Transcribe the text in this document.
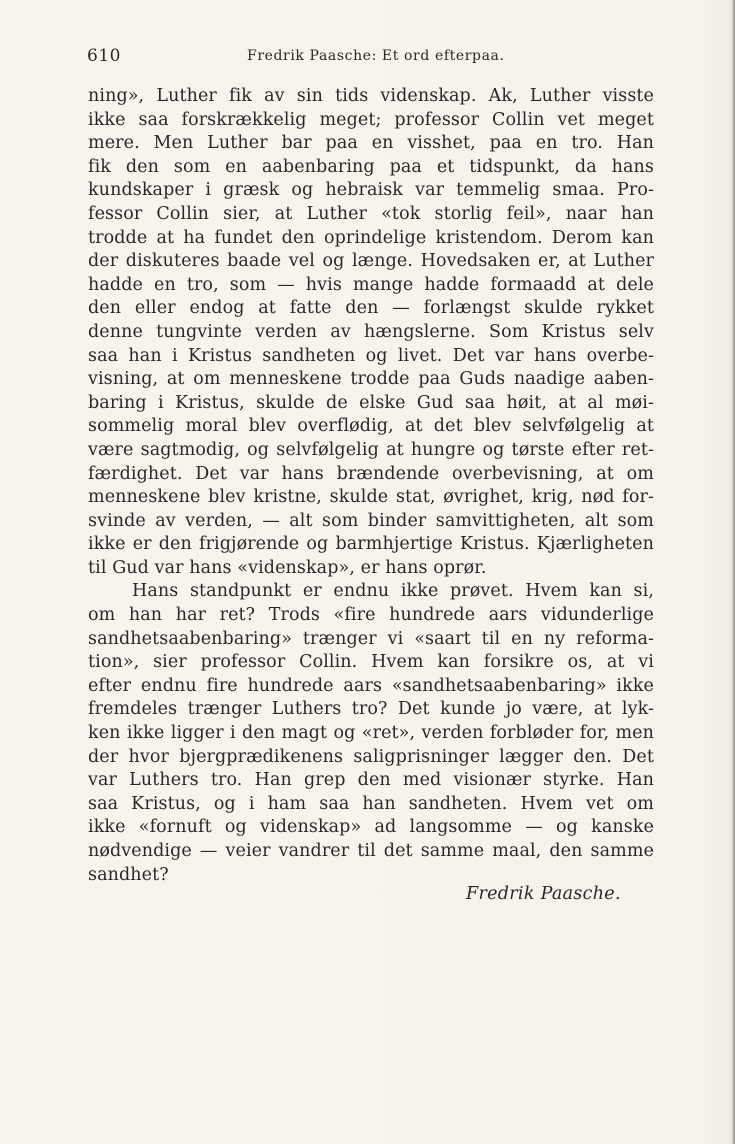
610	Fredrik Paasche: Et ord efterpaa.
ning», Luther fik av sin tids videnskap. Ak, Luther visste
ikke saa forskrækkelig meget; professor Collin vet meget
mere. Men Luther bar paa en visshet, paa en tro. Han
fik den som en aabenbaring paa et tidspunkt, da hans
kundskaper i græsk og hebraisk var temmelig smaa. Pro-
fessor Collin sier, at Luther «tok storlig feil», naar han
trodde at ha fundet den oprindelige kristendom. Derom kan
der diskuteres baade vel og længe. Hovedsaken er, at Luther
hadde en tro, som — hvis mange hadde formaadd at dele
den eller endog at fatte den — forlængst skulde rykket
denne tungvinte verden av hængslerne. Som Kristus selv
saa han i Kristus sandheten og livet. Det var hans overbe-
visning, at om menneskene trodde paa Guds naadige aaben-
baring i Kristus, skulde de elske Gud saa høit, at al møi-
sommelig moral blev overflødig, at det blev selvfølgelig at
være sagtmodig, og selvfølgelig at hungre og tørste efter ret-
færdighet. Det var hans brændende overbevisning, at om
menneskene blev kristne, skulde stat, øvrighet, krig, nød for-
svinde av verden, — alt som binder samvittigheten, alt som
ikke er den frigjørende og barmhjertige Kristus. Kjærligheten
til Gud var hans «videnskap», er hans oprør.
Hans standpunkt er endnu ikke prøvet. Hvem kan si,
om han har ret? Trods «fire hundrede aars vidunderlige
sandhetsaabenbaring» trænger vi «saart til en ny reforma-
tion», sier professor Collin. Hvem kan forsikre os, at vi
efter endnu fire hundrede aars «sandhetsaabenbaring» ikke
fremdeles trænger Luthers tro? Det kunde jo være, at lyk-
ken ikke ligger i den magt og «ret», verden forbløder for, men
der hvor bjergprædikenens saligprisninger lægger den. Det
var Luthers tro. Han grep den med visionær styrke. Han
saa Kristus, og i ham saa han sandheten. Hvem vet om
ikke «fornuft og videnskap» ad langsomme — og kanske
nødvendige — veier vandrer til det samme maal, den samme
sandhet?
Fredrik Paasche.
